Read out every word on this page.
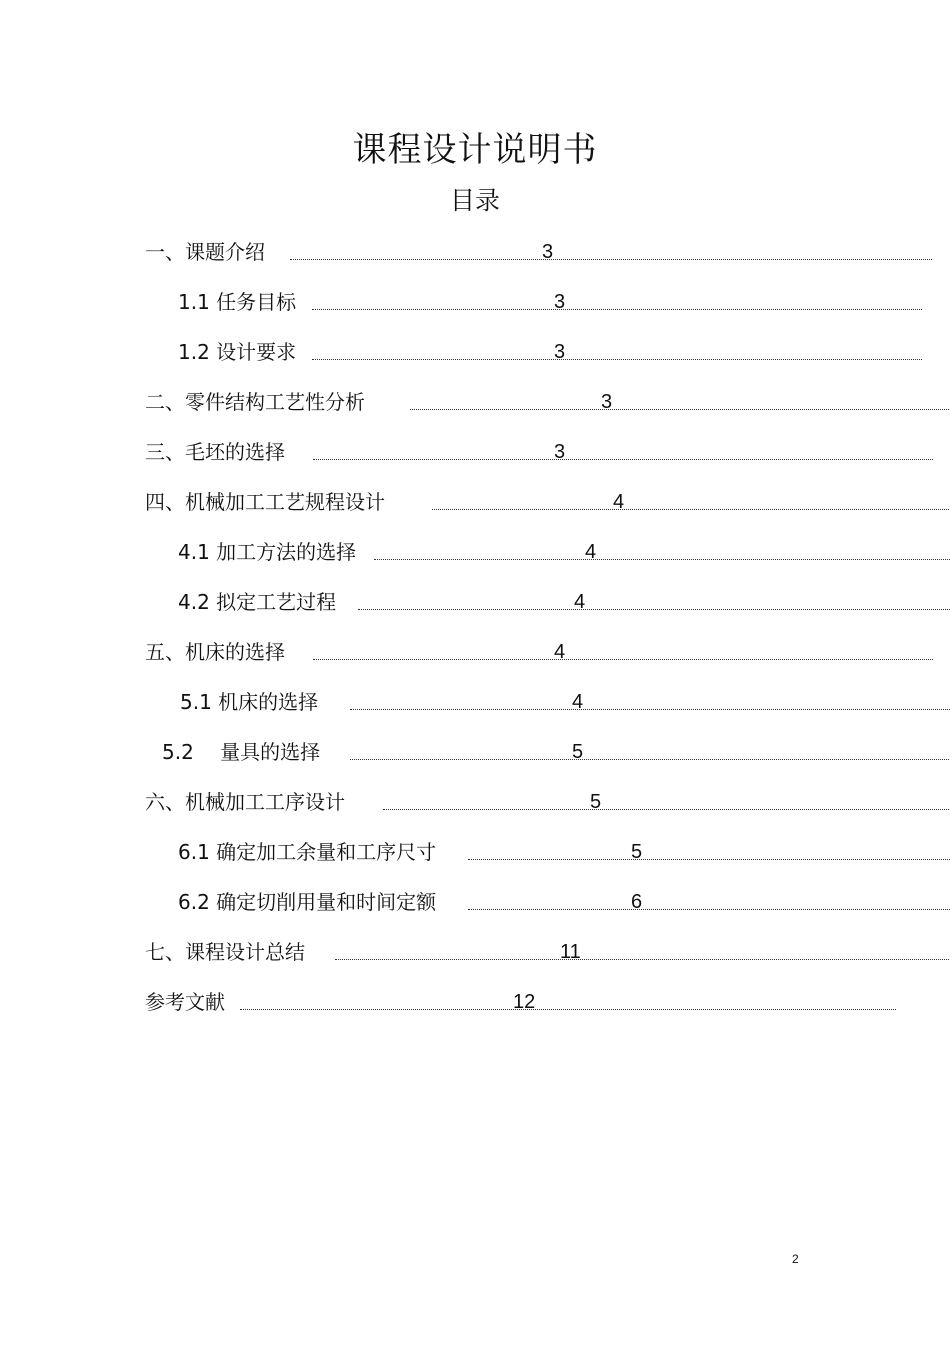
课程设计说明书
目录
一、课题介绍	3
1.1 任务目标	3
1.2 设计要求	3
二、零件结构工艺性分析	3
三、毛坯的选择	3
四、机械加工工艺规程设计	4
4.1 加工方法的选择	4
4.2 拟定工艺过程	4
五、机床的选择	4
5.1 机床的选择	4
5.2 量具的选择	5
六、机械加工工序设计	5
6.1 确定加工余量和工序尺寸	5
6.2 确定切削用量和时间定额	6
七、课程设计总结	11
参考文献	12
2
